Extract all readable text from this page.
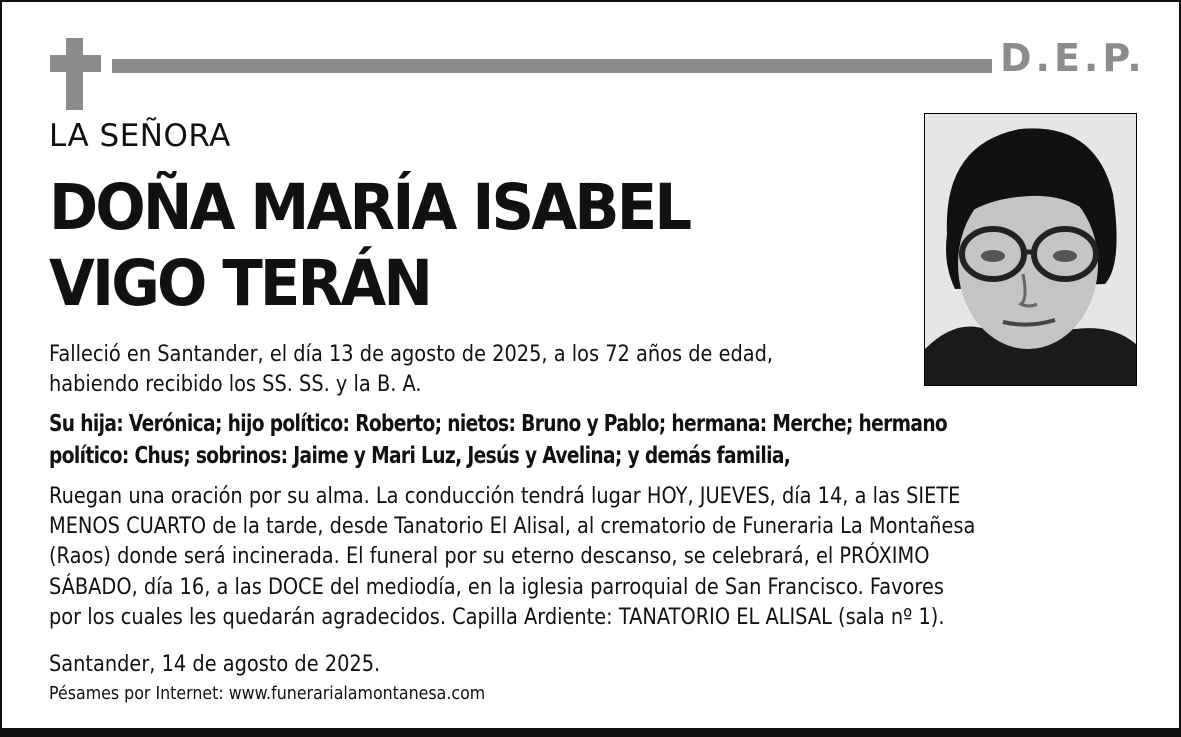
D.E.P.
LA SEÑORA
DOÑA MARÍA ISABEL
VIGO TERÁN
Falleció en Santander, el día 13 de agosto de 2025, a los 72 años de edad,
habiendo recibido los SS. SS. y la B. A.
Su hija: Verónica; hijo político: Roberto; nietos: Bruno y Pablo; hermana: Merche; hermano
político: Chus; sobrinos: Jaime y Mari Luz, Jesús y Avelina; y demás familia,
Ruegan una oración por su alma. La conducción tendrá lugar HOY, JUEVES, día 14, a las SIETE
MENOS CUARTO de la tarde, desde Tanatorio El Alisal, al crematorio de Funeraria La Montañesa
(Raos) donde será incinerada. El funeral por su eterno descanso, se celebrará, el PRÓXIMO
SÁBADO, día 16, a las DOCE del mediodía, en la iglesia parroquial de San Francisco. Favores
por los cuales les quedarán agradecidos. Capilla Ardiente: TANATORIO EL ALISAL (sala nº 1).
Santander, 14 de agosto de 2025.
Pésames por Internet: www.funerarialamontanesa.com
